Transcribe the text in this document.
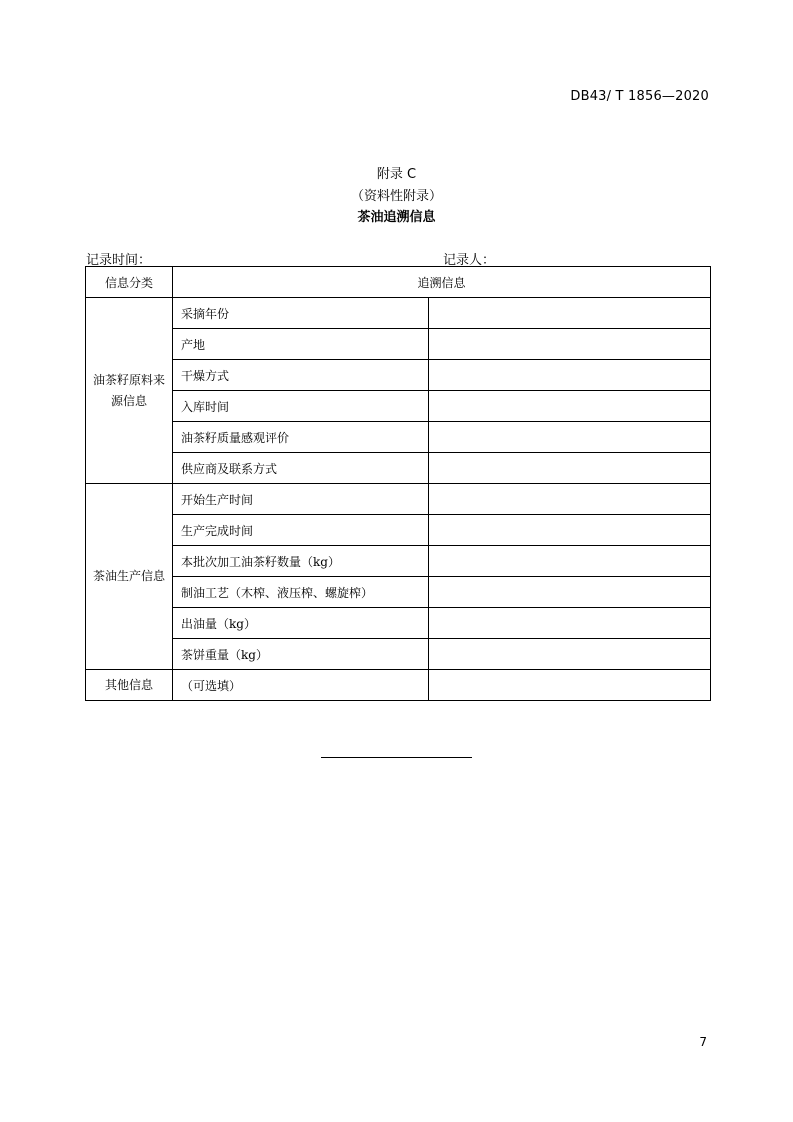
DB43/ T 1856—2020
附录 C
（资料性附录）
茶油追溯信息
记录时间：	记录人：
信息分类	追溯信息	
油茶籽原料来源信息	采摘年份	
	产地	
	干燥方式	
	入库时间	
	油茶籽质量感观评价	
	供应商及联系方式	
茶油生产信息	开始生产时间	
	生产完成时间	
	本批次加工油茶籽数量（kg）	
	制油工艺（木榨、液压榨、螺旋榨）	
	出油量（kg）	
	茶饼重量（kg）	
其他信息	（可选填）	
7
